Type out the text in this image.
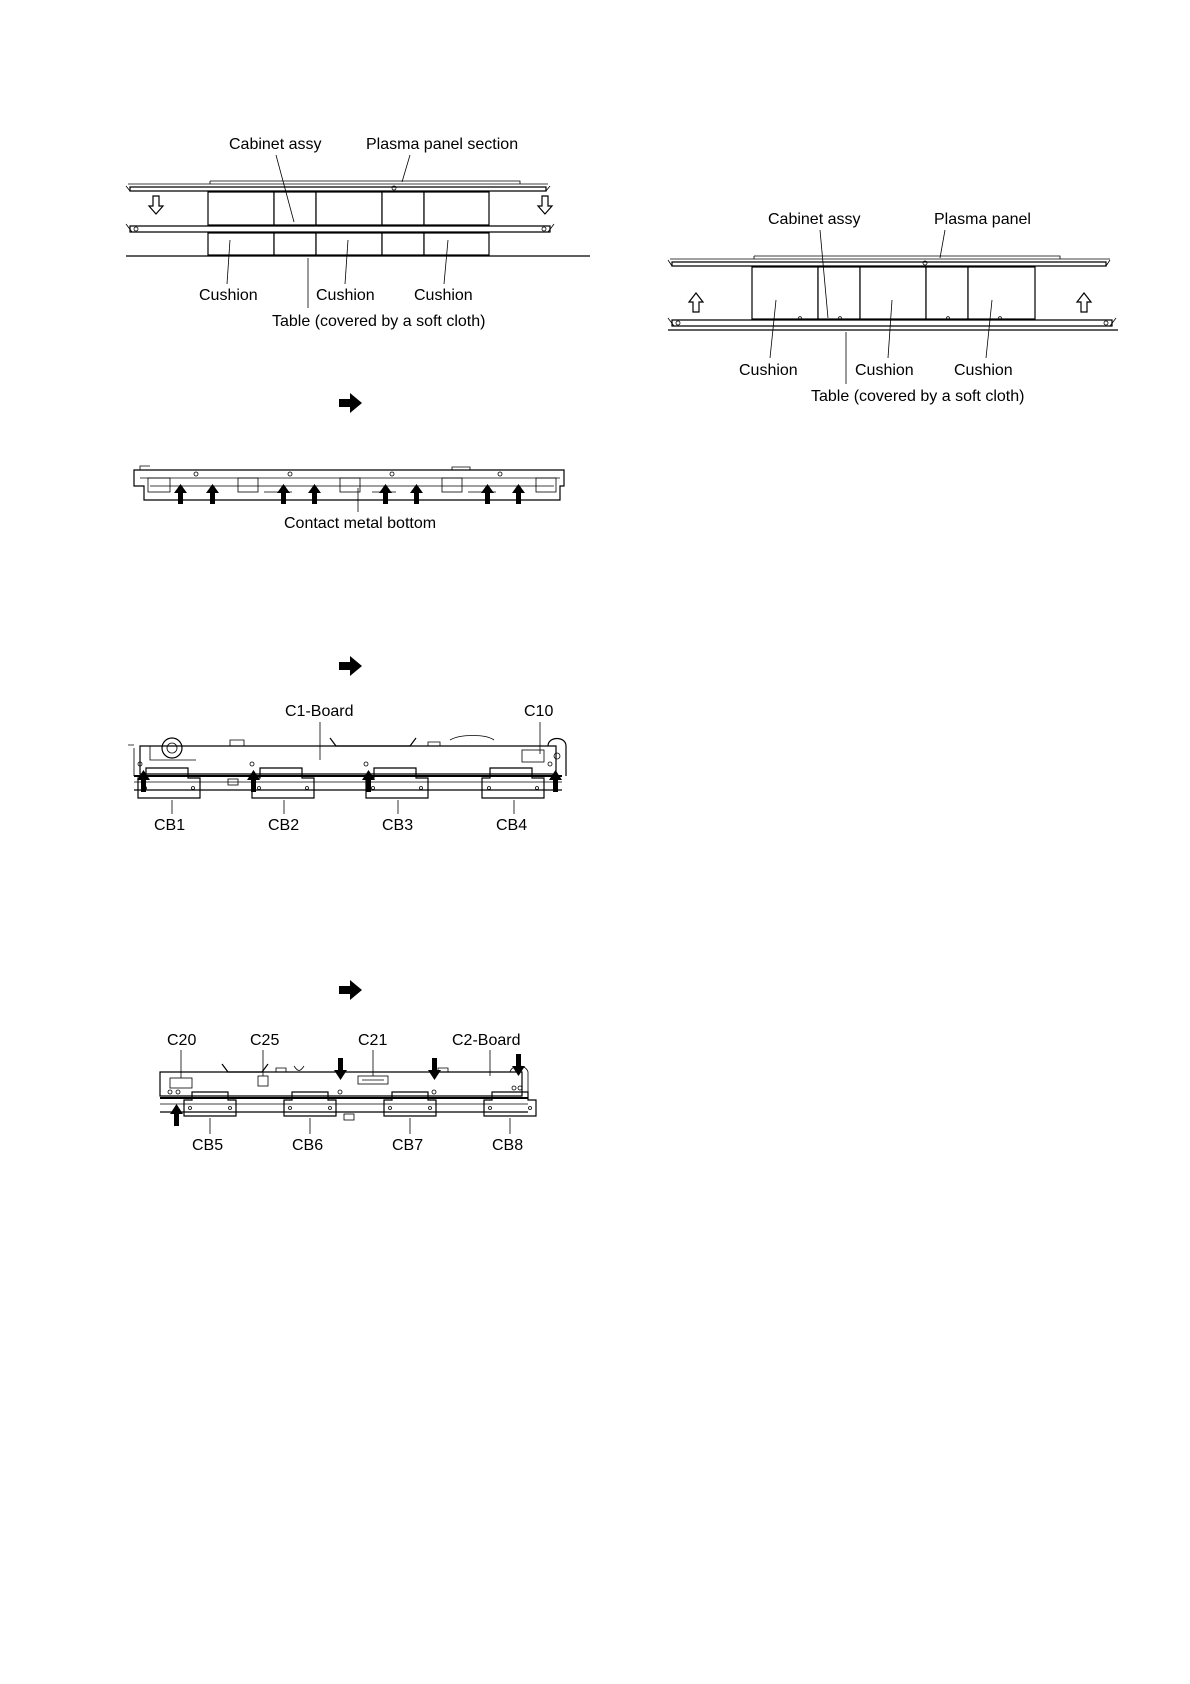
Cabinet assy	Plasma panel section
Cushion	Cushion Cushion
Table (covered by a soft cloth)
Cabinet assy	Plasma panel
Cushion	Cushion	Cushion
Table (covered by a soft cloth)
Contact metal bottom
C1-Board	C10
CB1	CB2	CB3	CB4
C20	C25	C21	C2-Board
CB5	CB6	CB7	CB8
